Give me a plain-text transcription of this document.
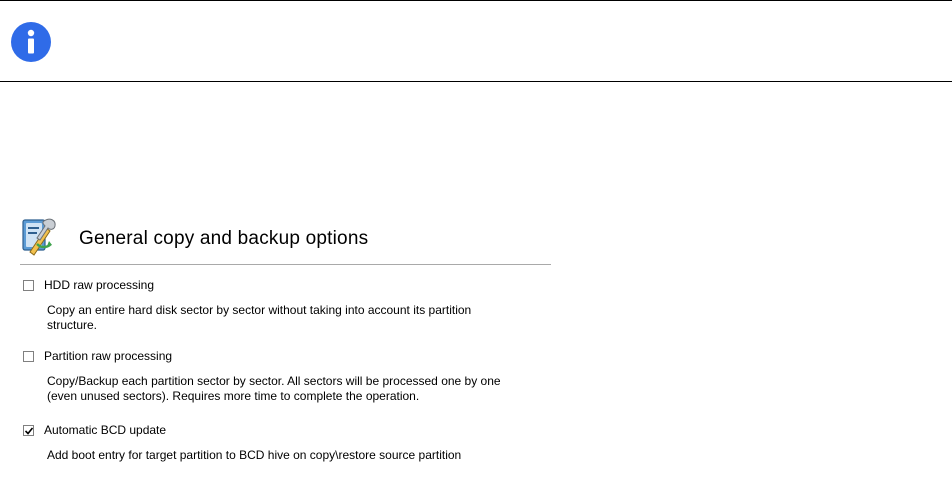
General copy and backup options
HDD raw processing
Copy an entire hard disk sector by sector without taking into account its partition
structure.
Partition raw processing
Copy/Backup each partition sector by sector. All sectors will be processed one by one
(even unused sectors). Requires more time to complete the operation.
Automatic BCD update
Add boot entry for target partition to BCD hive on copy\restore source partition
